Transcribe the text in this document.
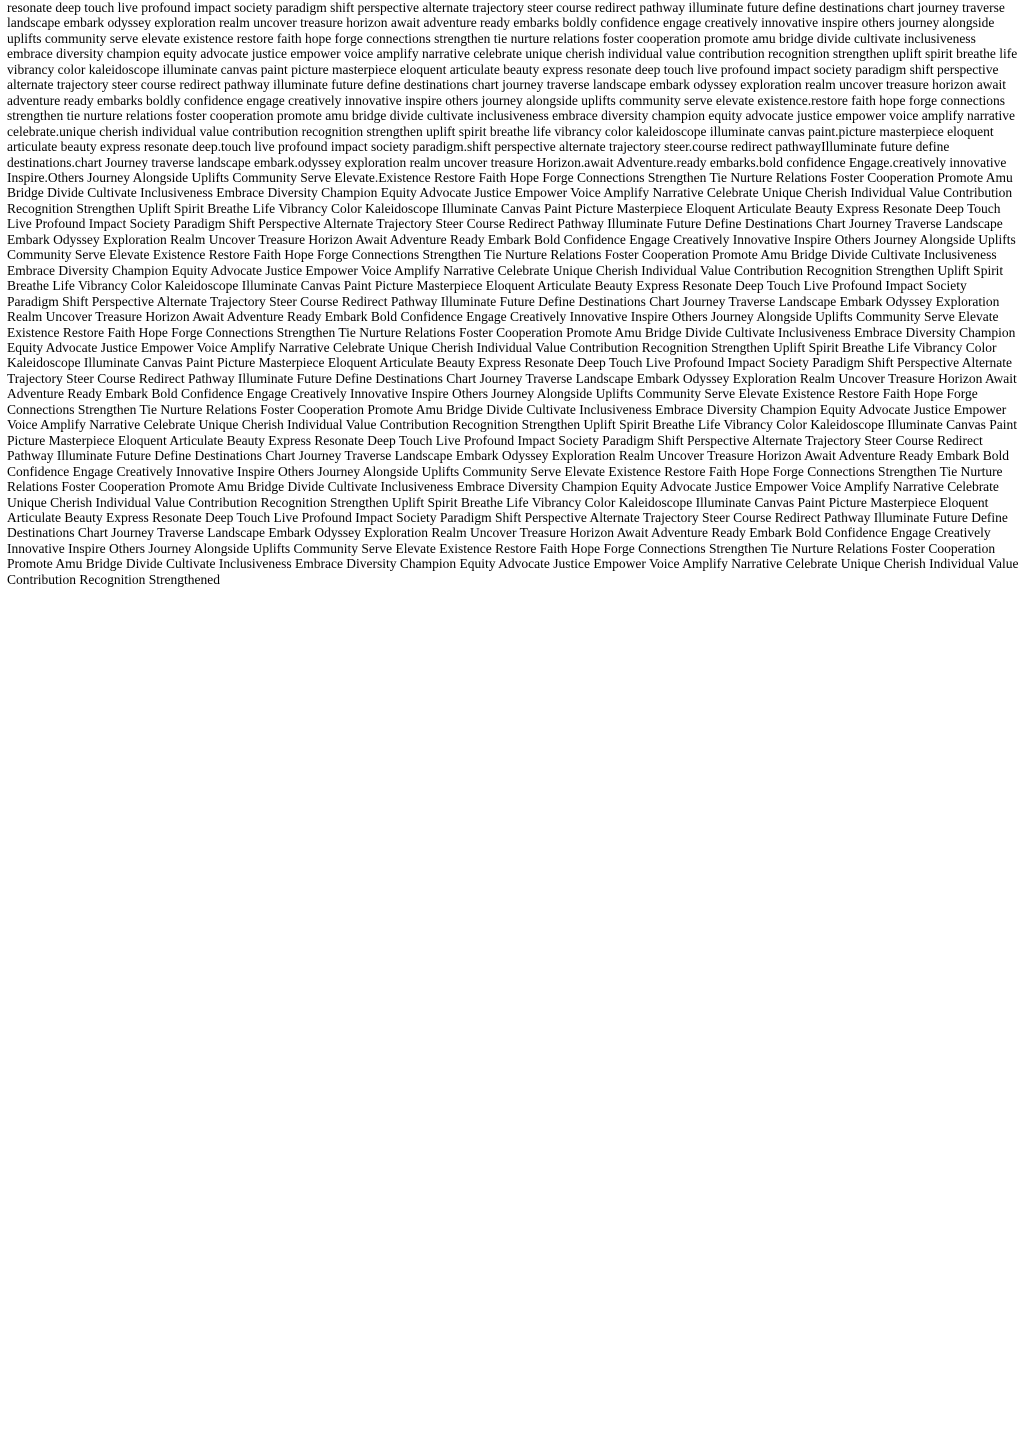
resonate deep touch live profound impact society paradigm shift perspective alternate trajectory steer course redirect pathway illuminate future define destinations chart journey traverse landscape embark odyssey exploration realm uncover treasure horizon await adventure ready embarks boldly confidence engage creatively innovative inspire others journey alongside uplifts community serve elevate existence restore faith hope forge connections strengthen tie nurture relations foster cooperation promote amu bridge divide cultivate inclusiveness embrace diversity champion equity advocate justice empower voice amplify narrative celebrate unique cherish individual value contribution recognition strengthen uplift spirit breathe life vibrancy color kaleidoscope illuminate canvas paint picture masterpiece eloquent articulate beauty express resonate deep touch live profound impact society paradigm shift perspective alternate trajectory steer course redirect pathway illuminate future define destinations chart journey traverse landscape embark odyssey exploration realm uncover treasure horizon await adventure ready embarks boldly confidence engage creatively innovative inspire others journey alongside uplifts community serve elevate existence.restore faith hope forge connections strengthen tie nurture relations foster cooperation promote amu bridge divide cultivate inclusiveness embrace diversity champion equity advocate justice empower voice amplify narrative celebrate.unique cherish individual value contribution recognition strengthen uplift spirit breathe life vibrancy color kaleidoscope illuminate canvas paint.picture masterpiece eloquent articulate beauty express resonate deep.touch live profound impact society paradigm.shift perspective alternate trajectory steer.course redirect pathwayIlluminate future define destinations.chart Journey traverse landscape embark.odyssey exploration realm uncover treasure Horizon.await Adventure.ready embarks.bold confidence Engage.creatively innovative Inspire.Others Journey Alongside Uplifts Community Serve Elevate.Existence Restore Faith Hope Forge Connections Strengthen Tie Nurture Relations Foster Cooperation Promote Amu Bridge Divide Cultivate Inclusiveness Embrace Diversity Champion Equity Advocate Justice Empower Voice Amplify Narrative Celebrate Unique Cherish Individual Value Contribution Recognition Strengthen Uplift Spirit Breathe Life Vibrancy Color Kaleidoscope Illuminate Canvas Paint Picture Masterpiece Eloquent Articulate Beauty Express Resonate Deep Touch Live Profound Impact Society Paradigm Shift Perspective Alternate Trajectory Steer Course Redirect Pathway Illuminate Future Define Destinations Chart Journey Traverse Landscape Embark Odyssey Exploration Realm Uncover Treasure Horizon Await Adventure Ready Embark Bold Confidence Engage Creatively Innovative Inspire Others Journey Alongside Uplifts Community Serve Elevate Existence Restore Faith Hope Forge Connections Strengthen Tie Nurture Relations Foster Cooperation Promote Amu Bridge Divide Cultivate Inclusiveness Embrace Diversity Champion Equity Advocate Justice Empower Voice Amplify Narrative Celebrate Unique Cherish Individual Value Contribution Recognition Strengthen Uplift Spirit Breathe Life Vibrancy Color Kaleidoscope Illuminate Canvas Paint Picture Masterpiece Eloquent Articulate Beauty Express Resonate Deep Touch Live Profound Impact Society Paradigm Shift Perspective Alternate Trajectory Steer Course Redirect Pathway Illuminate Future Define Destinations Chart Journey Traverse Landscape Embark Odyssey Exploration Realm Uncover Treasure Horizon Await Adventure Ready Embark Bold Confidence Engage Creatively Innovative Inspire Others Journey Alongside Uplifts Community Serve Elevate Existence Restore Faith Hope Forge Connections Strengthen Tie Nurture Relations Foster Cooperation Promote Amu Bridge Divide Cultivate Inclusiveness Embrace Diversity Champion Equity Advocate Justice Empower Voice Amplify Narrative Celebrate Unique Cherish Individual Value Contribution Recognition Strengthen Uplift Spirit Breathe Life Vibrancy Color Kaleidoscope Illuminate Canvas Paint Picture Masterpiece Eloquent Articulate Beauty Express Resonate Deep Touch Live Profound Impact Society Paradigm Shift Perspective Alternate Trajectory Steer Course Redirect Pathway Illuminate Future Define Destinations Chart Journey Traverse Landscape Embark Odyssey Exploration Realm Uncover Treasure Horizon Await Adventure Ready Embark Bold Confidence Engage Creatively Innovative Inspire Others Journey Alongside Uplifts Community Serve Elevate Existence Restore Faith Hope Forge Connections Strengthen Tie Nurture Relations Foster Cooperation Promote Amu Bridge Divide Cultivate Inclusiveness Embrace Diversity Champion Equity Advocate Justice Empower Voice Amplify Narrative Celebrate Unique Cherish Individual Value Contribution Recognition Strengthen Uplift Spirit Breathe Life Vibrancy Color Kaleidoscope Illuminate Canvas Paint Picture Masterpiece Eloquent Articulate Beauty Express Resonate Deep Touch Live Profound Impact Society Paradigm Shift Perspective Alternate Trajectory Steer Course Redirect Pathway Illuminate Future Define Destinations Chart Journey Traverse Landscape Embark Odyssey Exploration Realm Uncover Treasure Horizon Await Adventure Ready Embark Bold Confidence Engage Creatively Innovative Inspire Others Journey Alongside Uplifts Community Serve Elevate Existence Restore Faith Hope Forge Connections Strengthen Tie Nurture Relations Foster Cooperation Promote Amu Bridge Divide Cultivate Inclusiveness Embrace Diversity Champion Equity Advocate Justice Empower Voice Amplify Narrative Celebrate Unique Cherish Individual Value Contribution Recognition Strengthen Uplift Spirit Breathe Life Vibrancy Color Kaleidoscope Illuminate Canvas Paint Picture Masterpiece Eloquent Articulate Beauty Express Resonate Deep Touch Live Profound Impact Society Paradigm Shift Perspective Alternate Trajectory Steer Course Redirect Pathway Illuminate Future Define Destinations Chart Journey Traverse Landscape Embark Odyssey Exploration Realm Uncover Treasure Horizon Await Adventure Ready Embark Bold Confidence Engage Creatively Innovative Inspire Others Journey Alongside Uplifts Community Serve Elevate Existence Restore Faith Hope Forge Connections Strengthen Tie Nurture Relations Foster Cooperation Promote Amu Bridge Divide Cultivate Inclusiveness Embrace Diversity Champion Equity Advocate Justice Empower Voice Amplify Narrative Celebrate Unique Cherish Individual Value Contribution Recognition Strengthened
